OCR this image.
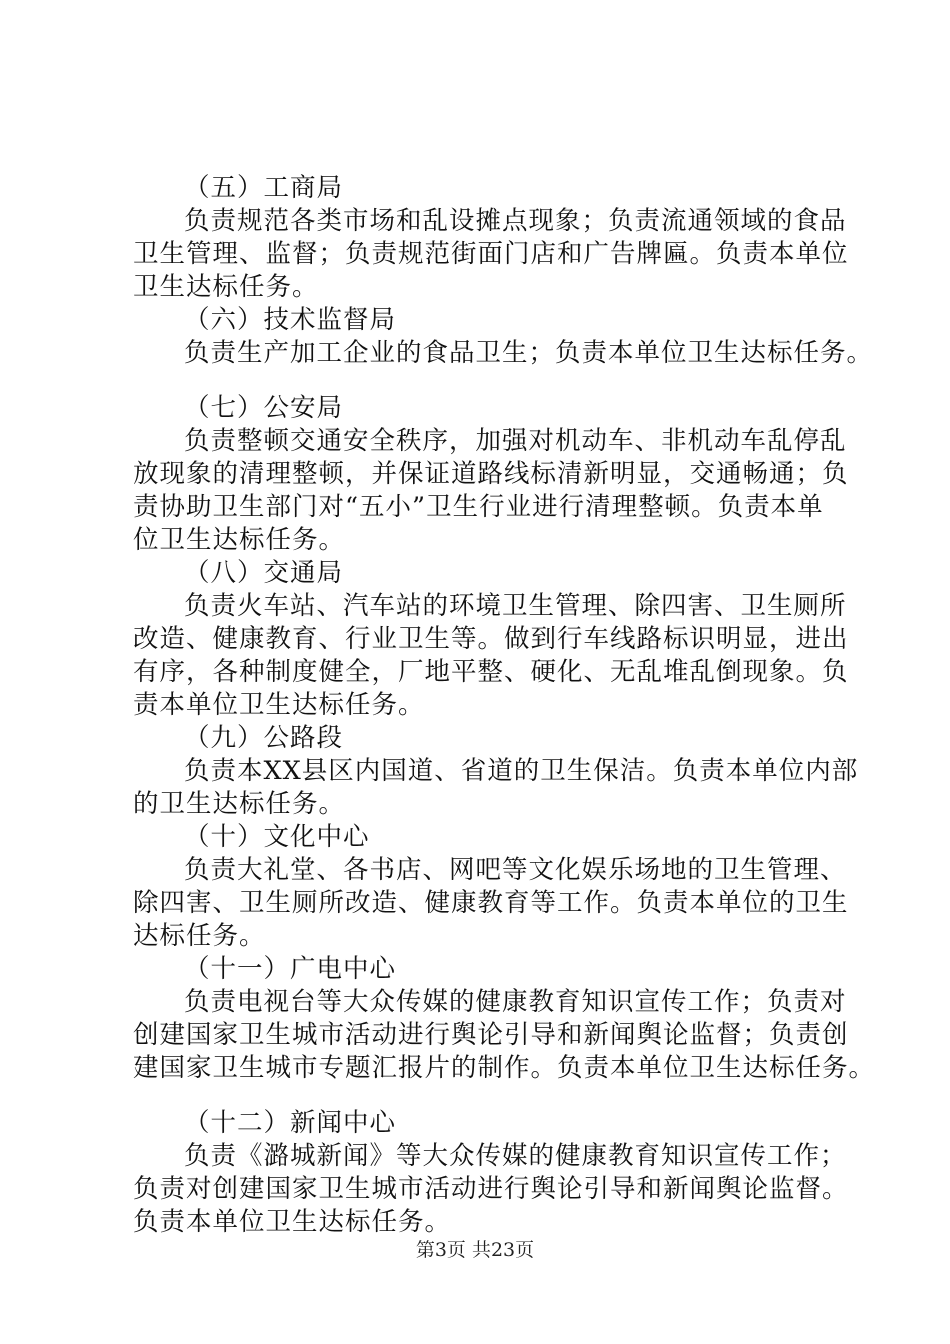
（五）工商局
负责规范各类市场和乱设摊点现象；负责流通领域的食品
卫生管理、监督；负责规范街面门店和广告牌匾。负责本单位
卫生达标任务。
（六）技术监督局
负责生产加工企业的食品卫生；负责本单位卫生达标任务。
（七）公安局
负责整顿交通安全秩序，加强对机动车、非机动车乱停乱
放现象的清理整顿，并保证道路线标清新明显，交通畅通；负
责协助卫生部门对“五小”卫生行业进行清理整顿。负责本单
位卫生达标任务。
（八）交通局
负责火车站、汽车站的环境卫生管理、除四害、卫生厕所
改造、健康教育、行业卫生等。做到行车线路标识明显，进出
有序，各种制度健全，厂地平整、硬化、无乱堆乱倒现象。负
责本单位卫生达标任务。
（九）公路段
负责本XX县区内国道、省道的卫生保洁。负责本单位内部
的卫生达标任务。
（十）文化中心
负责大礼堂、各书店、网吧等文化娱乐场地的卫生管理、
除四害、卫生厕所改造、健康教育等工作。负责本单位的卫生
达标任务。
（十一）广电中心
负责电视台等大众传媒的健康教育知识宣传工作；负责对
创建国家卫生城市活动进行舆论引导和新闻舆论监督；负责创
建国家卫生城市专题汇报片的制作。负责本单位卫生达标任务。
（十二）新闻中心
负责《潞城新闻》等大众传媒的健康教育知识宣传工作；
负责对创建国家卫生城市活动进行舆论引导和新闻舆论监督。
负责本单位卫生达标任务。
第3页 共23页
